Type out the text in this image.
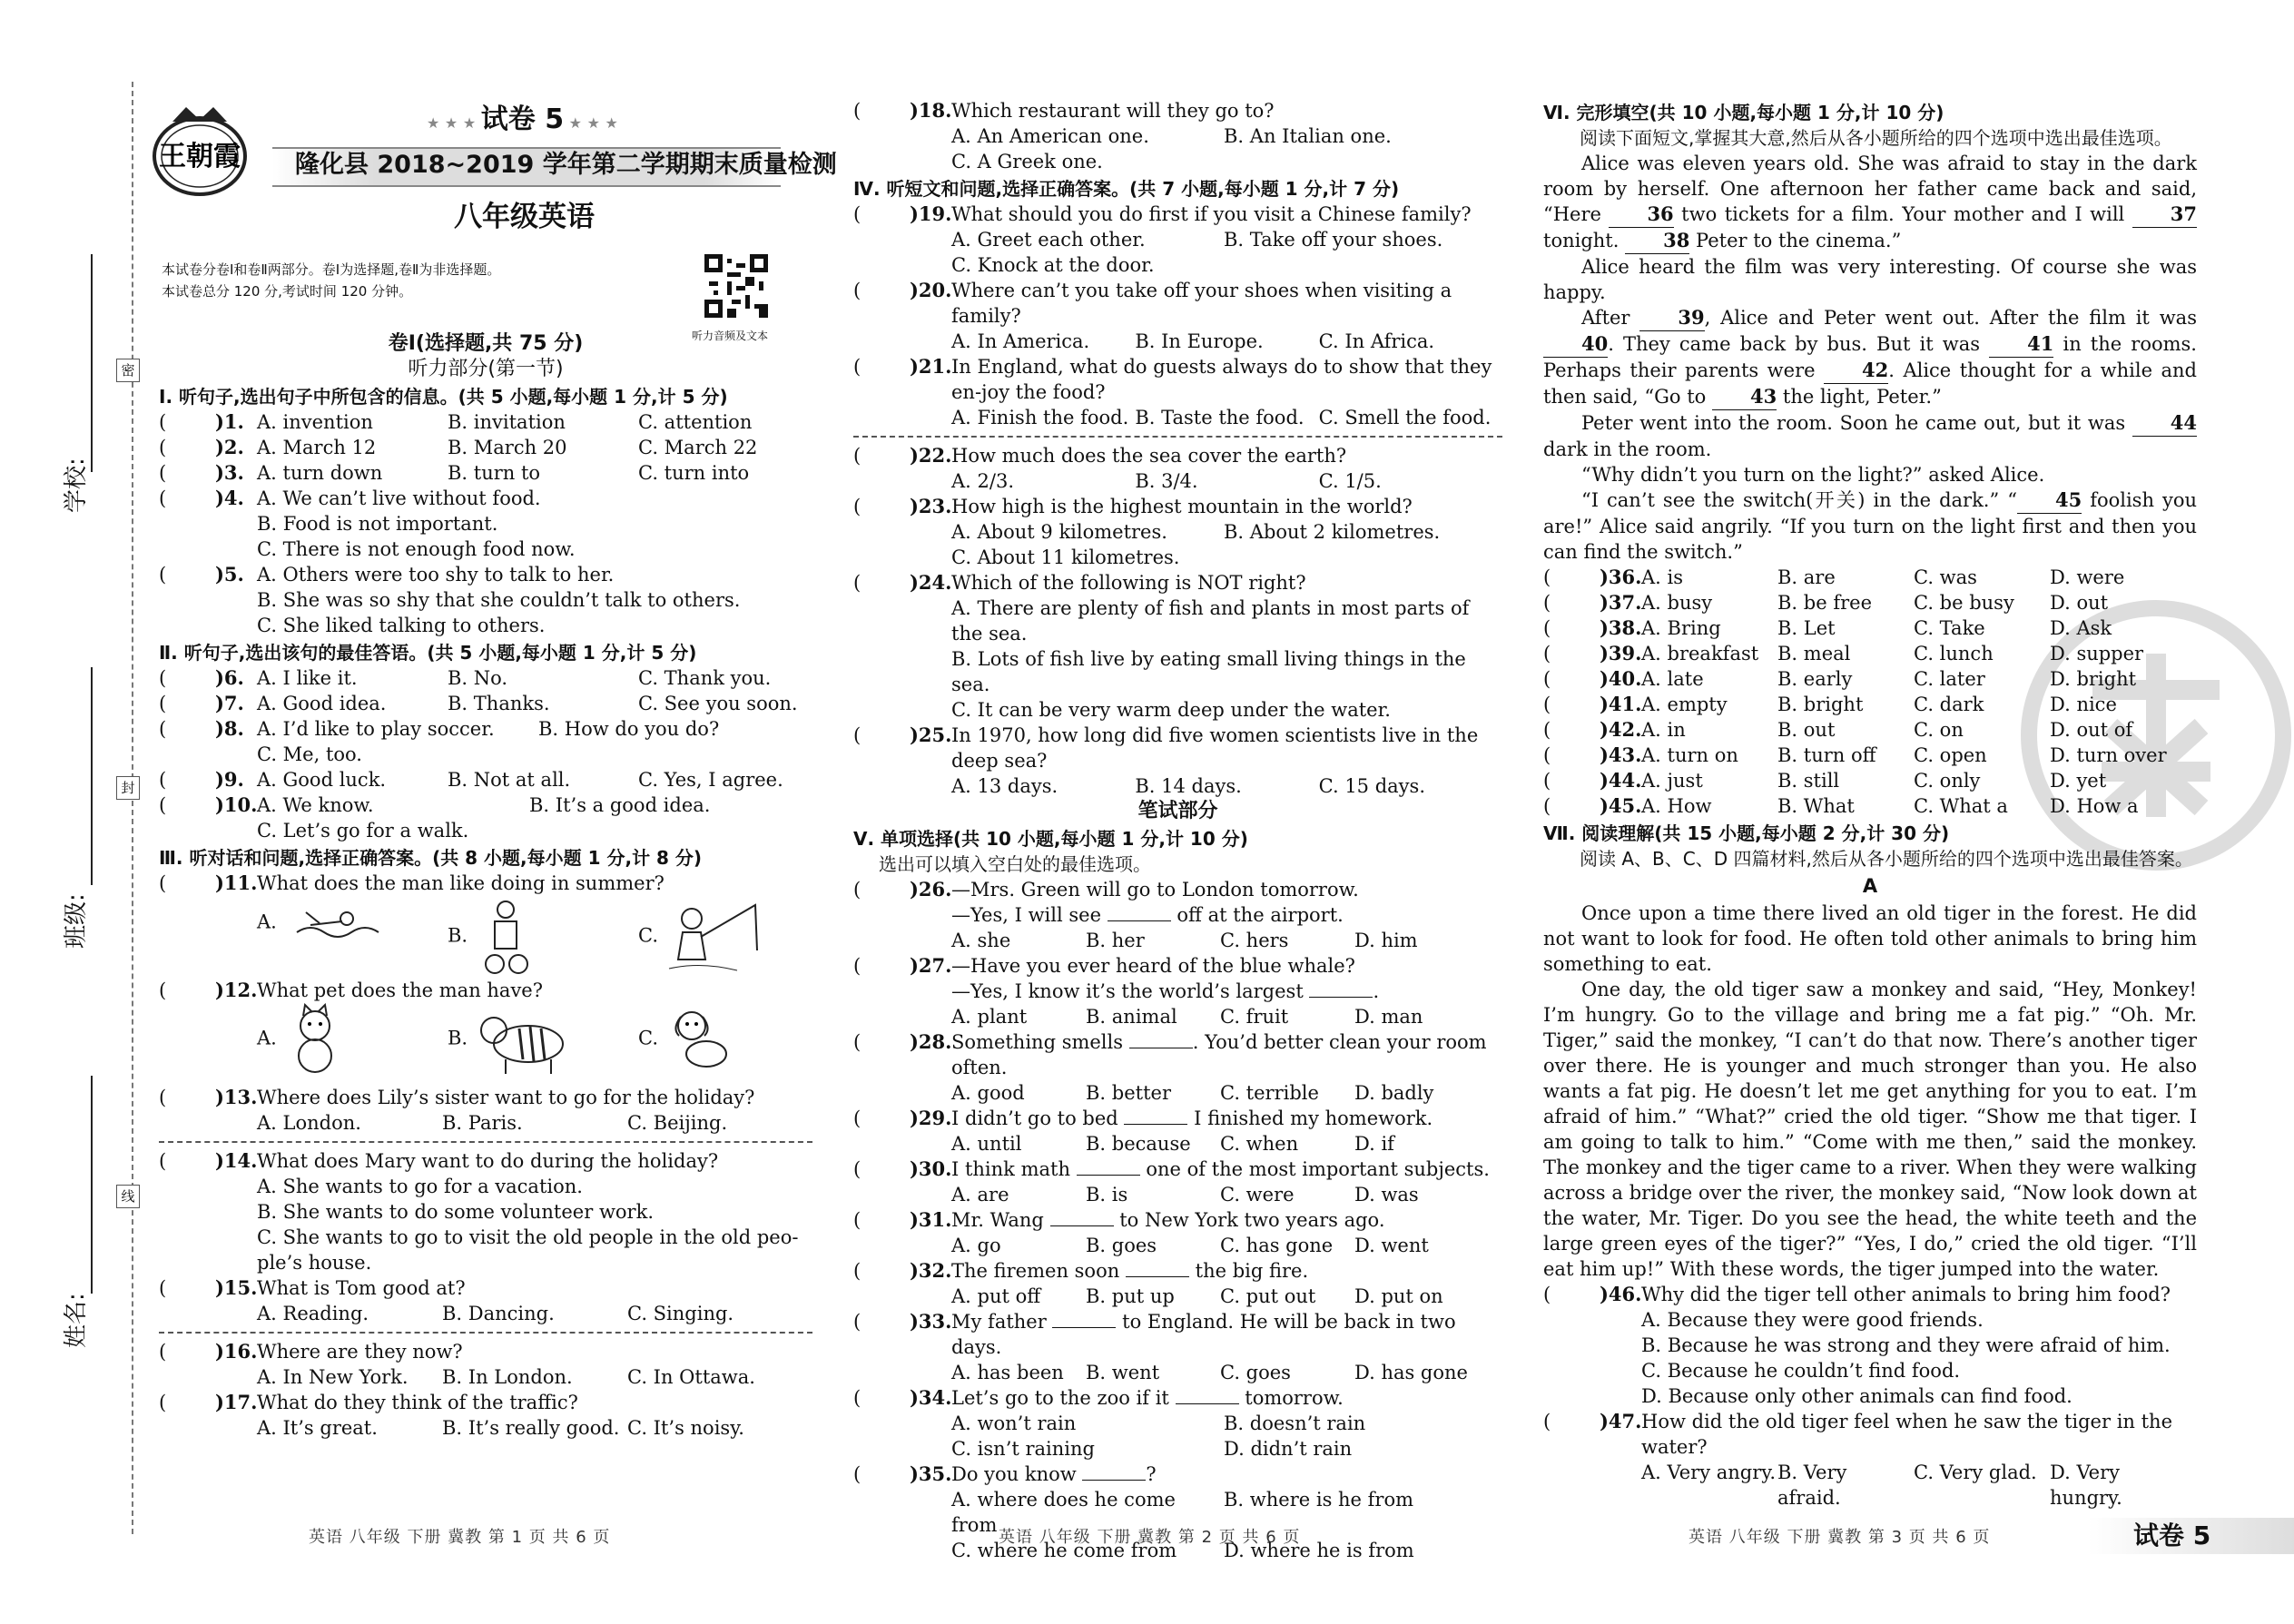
学校:
班级:
姓名:
密
封
线
王朝霞
★ ★ ★ 试卷 5 ★ ★ ★
隆化县 2018~2019 学年第二学期期末质量检测
八年级英语
本试卷分卷Ⅰ和卷Ⅱ两部分。卷Ⅰ为选择题,卷Ⅱ为非选择题。
本试卷总分 120 分,考试时间 120 分钟。
听力音频及文本
卷Ⅰ(选择题,共 75 分)
听力部分(第一节)
Ⅰ. 听句子,选出句子中所包含的信息。(共 5 小题,每小题 1 分,计 5 分)
(	)1. A. invention	B. invitation	C. attention
(	)2. A. March 12	B. March 20	C. March 22
(	)3. A. turn down	B. turn to	C. turn into
(	)4. A. We can’t live without food.
B. Food is not important.
C. There is not enough food now.
(	)5. A. Others were too shy to talk to her.
B. She was so shy that she couldn’t talk to others.
C. She liked talking to others.
Ⅱ. 听句子,选出该句的最佳答语。(共 5 小题,每小题 1 分,计 5 分)
(	)6. A. I like it.	B. No.	C. Thank you.
(	)7. A. Good idea.	B. Thanks.	C. See you soon.
(	)8. A. I’d like to play soccer.	B. How do you do?
C. Me, too.
(	)9. A. Good luck.	B. Not at all.	C. Yes, I agree.
(	)10. A. We know.	B. It’s a good idea.
C. Let’s go for a walk.
Ⅲ. 听对话和问题,选择正确答案。(共 8 小题,每小题 1 分,计 8 分)
(	)11. What does the man like doing in summer?
A.
B.	C.
(	)12. What pet does the man have?
A.	B.	C.
(	)13. Where does Lily’s sister want to go for the holiday?
A. London.	B. Paris.	C. Beijing.
(	)14. What does Mary want to do during the holiday?
A. She wants to go for a vacation.
B. She wants to do some volunteer work.
C. She wants to go to visit the old people in the old peo-ple’s house.
(	)15. What is Tom good at?
A. Reading.	B. Dancing.	C. Singing.
(	)16. Where are they now?
A. In New York.	B. In London.	C. In Ottawa.
(	)17. What do they think of the traffic?
A. It’s great.	B. It’s really good. C. It’s noisy.
英语 八年级 下册 冀教 第 1 页 共 6 页
(	)18. Which restaurant will they go to?
A. An American one.	B. An Italian one.
C. A Greek one.
Ⅳ. 听短文和问题,选择正确答案。(共 7 小题,每小题 1 分,计 7 分)
(	)19. What should you do first if you visit a Chinese family?
A. Greet each other.	B. Take off your shoes.
C. Knock at the door.
(	)20. Where can’t you take off your shoes when visiting a family?
A. In America.	B. In Europe.	C. In Africa.
(	)21. In England, what do guests always do to show that they en-joy the food?
A. Finish the food. B. Taste the food. C. Smell the food.
(	)22. How much does the sea cover the earth?
A. 2/3.	B. 3/4.	C. 1/5.
(	)23. How high is the highest mountain in the world?
A. About 9 kilometres.	B. About 2 kilometres.
C. About 11 kilometres.
(	)24. Which of the following is NOT right?
A. There are plenty of fish and plants in most parts of the sea.
B. Lots of fish live by eating small living things in the sea.
C. It can be very warm deep under the water.
(	)25. In 1970, how long did five women scientists live in the deep sea?
A. 13 days.	B. 14 days.	C. 15 days.
笔试部分
Ⅴ. 单项选择(共 10 小题,每小题 1 分,计 10 分)
选出可以填入空白处的最佳选项。
(	)26. —Mrs. Green will go to London tomorrow.
—Yes, I will see	off at the airport.
A. she	B. her	C. hers	D. him
(	)27. —Have you ever heard of the blue whale?
—Yes, I know it’s the world’s largest	.
A. plant	B. animal	C. fruit	D. man
(	)28. Something smells	. You’d better clean your room often.
A. good	B. better	C. terrible	D. badly
(	)29. I didn’t go to bed	I finished my homework.
A. until	B. because	C. when	D. if
(	)30. I think math	one of the most important subjects.
A. are	B. is	C. were	D. was
(	)31. Mr. Wang	to New York two years ago.
A. go	B. goes	C. has gone	D. went
(	)32. The firemen soon	the big fire.
A. put off	B. put up	C. put out	D. put on
(	)33. My father	to England. He will be back in two days.
A. has been	B. went	C. goes	D. has gone
(	)34. Let’s go to the zoo if it	tomorrow.
A. won’t rain	B. doesn’t rain
C. isn’t raining	D. didn’t rain
(	)35. Do you know	?
A. where does he come from
B. where is he from
C. where he come from	D. where he is from
英语 八年级 下册 冀教 第 2 页 共 6 页
Ⅵ. 完形填空(共 10 小题,每小题 1 分,计 10 分)
阅读下面短文,掌握其大意,然后从各小题所给的四个选项中选出最佳选项。
Alice was eleven years old. She was afraid to stay in the dark room by herself. One afternoon her father came back and said, “Here 36 two tickets for a film. Your mother and I will 37 tonight. 38 Peter to the cinema.”
Alice heard the film was very interesting. Of course she was happy.
After	39, Alice and Peter went out. After the film it was 40. They came back by bus. But it was 41 in the rooms. Perhaps their parents were 42. Alice thought for a while and then said, “Go to 43 the light, Peter.”
Peter went into the room. Soon he came out, but it was 44 dark in the room.
“Why didn’t you turn on the light?” asked Alice.
“I can’t see the switch(开关) in the dark.” “ 45 foolish you are!” Alice said angrily. “If you turn on the light first and then you can find the switch.”
(	)36. A. is	B. are	C. was	D. were
(	)37. A. busy	B. be free	C. be busy	D. out
(	)38. A. Bring	B. Let	C. Take	D. Ask
(	)39. A. breakfast B. meal	C. lunch	D. supper
(	)40. A. late	B. early	C. later	D. bright
(	)41. A. empty	B. bright	C. dark	D. nice
(	)42. A. in	B. out	C. on	D. out of
(	)43. A. turn on	B. turn off	C. open	D. turn over
(	)44. A. just	B. still	C. only	D. yet
(	)45. A. How	B. What	C. What a	D. How a
Ⅶ. 阅读理解(共 15 小题,每小题 2 分,计 30 分)
阅读 A、B、C、D 四篇材料,然后从各小题所给的四个选项中选出最佳答案。
A
Once upon a time there lived an old tiger in the forest. He did not want to look for food. He often told other animals to bring him something to eat.
One day, the old tiger saw a monkey and said, “Hey, Monkey! I’m hungry. Go to the village and bring me a fat pig.” “Oh. Mr. Tiger,” said the monkey, “I can’t do that now. There’s another tiger over there. He is younger and much stronger than you. He also wants a fat pig. He doesn’t let me get anything for you to eat. I’m afraid of him.” “What?” cried the old tiger. “Show me that tiger. I am going to talk to him.” “Come with me then,” said the monkey. The monkey and the tiger came to a river. When they were walking across a bridge over the river, the monkey said, “Now look down at the water, Mr. Tiger. Do you see the head, the white teeth and the large green eyes of the tiger?” “Yes, I do,” cried the old tiger. “I’ll eat him up!” With these words, the tiger jumped into the water.
(	)46. Why did the tiger tell other animals to bring him food?
A. Because they were good friends.
B. Because he was strong and they were afraid of him.
C. Because he couldn’t find food.
D. Because only other animals can find food.
(	)47. How did the old tiger feel when he saw the tiger in the water?
A. Very angry. B. Very afraid.
C. Very glad. D. Very hungry.
英语 八年级 下册 冀教 第 3 页 共 6 页	试卷 5
